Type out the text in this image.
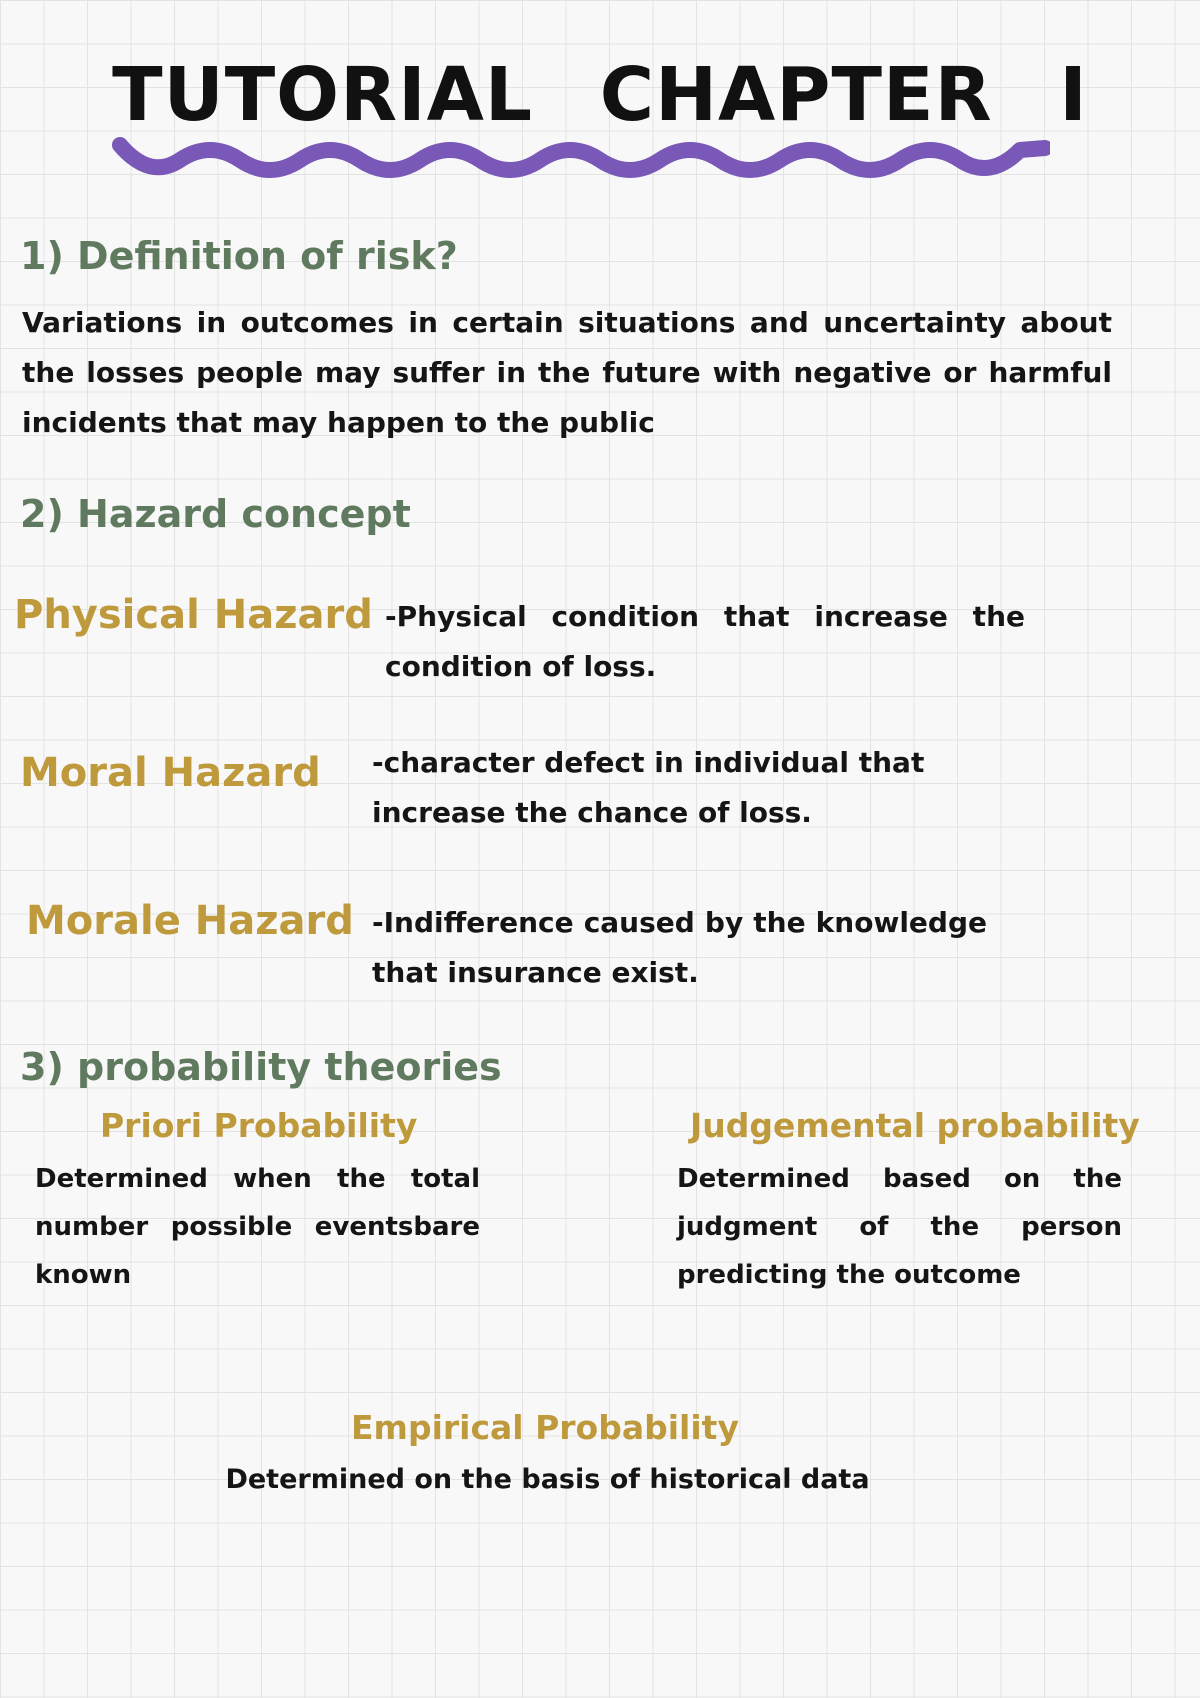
TUTORIAL CHAPTER I
1) Definition of risk?

Variations in outcomes in certain situations and uncertainty about the losses people may suffer in the future with negative or harmful incidents that may happen to the public

2) Hazard concept
Physical Hazard -Physical condition that increase the condition of loss.

Moral Hazard -character defect in individual that increase the chance of loss.

Morale Hazard -Indifference caused by the knowledge that insurance exist.

3) probability theories
Priori Probability

Determined when the total number possible eventsbare known

Judgemental probability

Determined based on the judgment of the person predicting the outcome

Empirical Probability

Determined on the basis of historical data
